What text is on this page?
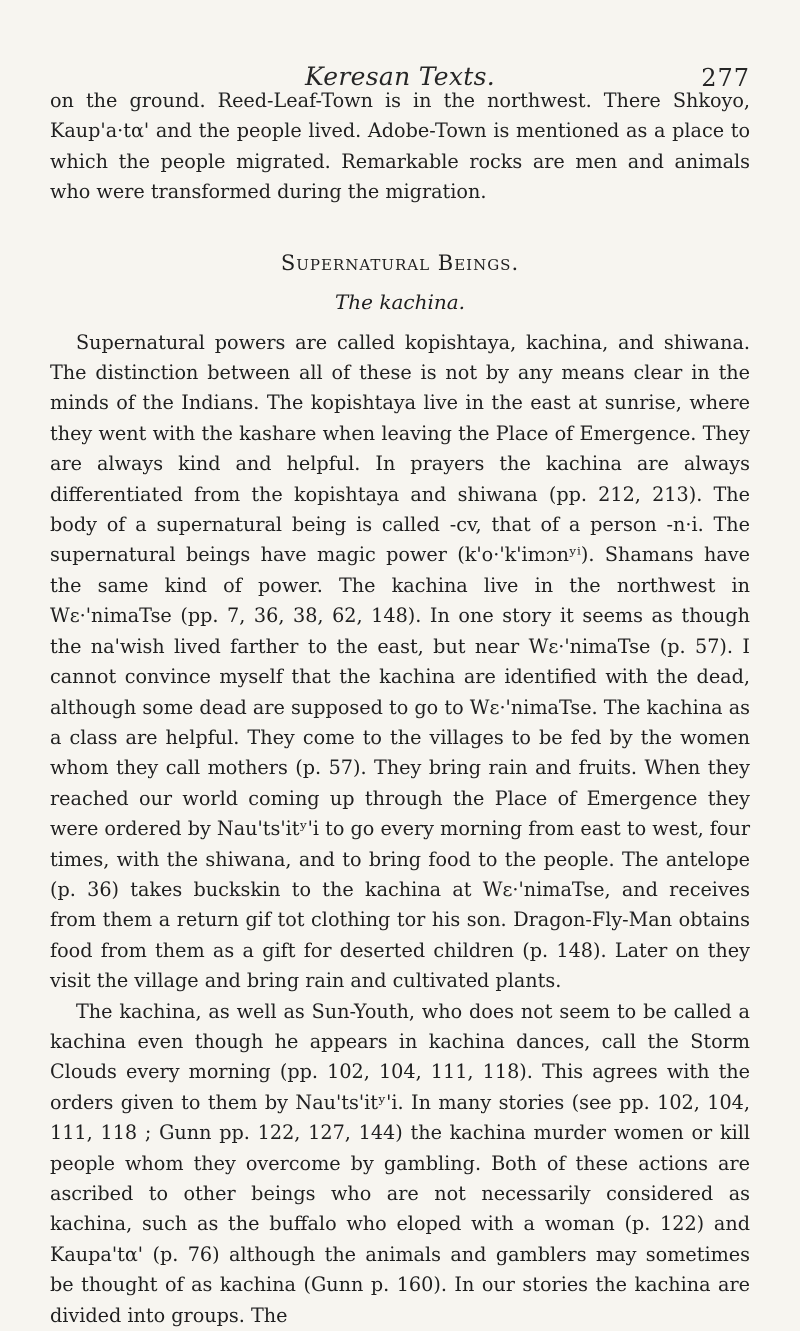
Keresan Texts.	277

on the ground. Reed-Leaf-Town is in the northwest. There Shkoyo, Kaup'a·tα' and the people lived. Adobe-Town is mentioned as a place to which the people migrated. Remarkable rocks are men and animals who were transformed during the migration.

Supernatural Beings.
The kachina.

Supernatural powers are called kopishtaya, kachina, and shiwana. The distinction between all of these is not by any means clear in the minds of the Indians. The kopishtaya live in the east at sunrise, where they went with the kashare when leaving the Place of Emergence. They are always kind and helpful. In prayers the kachina are always differentiated from the kopishtaya and shiwana (pp. 212, 213). The body of a supernatural being is called -cv, that of a person -n·i. The supernatural beings have magic power (k'o·'k'imɔnʸⁱ). Shamans have the same kind of power. The kachina live in the northwest in Wɛ·'nimaTse (pp. 7, 36, 38, 62, 148). In one story it seems as though the na'wish lived farther to the east, but near Wɛ·'nimaTse (p. 57). I cannot convince myself that the kachina are identified with the dead, although some dead are supposed to go to Wɛ·'nimaTse. The kachina as a class are helpful. They come to the villages to be fed by the women whom they call mothers (p. 57). They bring rain and fruits. When they reached our world coming up through the Place of Emergence they were ordered by Nau'ts'itʸ'i to go every morning from east to west, four times, with the shiwana, and to bring food to the people. The antelope (p. 36) takes buckskin to the kachina at Wɛ·'nimaTse, and receives from them a return gif tot clothing tor his son. Dragon-Fly-Man obtains food from them as a gift for deserted children (p. 148). Later on they visit the village and bring rain and cultivated plants.

The kachina, as well as Sun-Youth, who does not seem to be called a kachina even though he appears in kachina dances, call the Storm Clouds every morning (pp. 102, 104, 111, 118). This agrees with the orders given to them by Nau'ts'itʸ'i. In many stories (see pp. 102, 104, 111, 118 ; Gunn pp. 122, 127, 144) the kachina murder women or kill people whom they overcome by gambling. Both of these actions are ascribed to other beings who are not necessarily considered as kachina, such as the buffalo who eloped with a woman (p. 122) and Kaupa'tα' (p. 76) although the animals and gamblers may sometimes be thought of as kachina (Gunn p. 160). In our stories the kachina are divided into groups. The
